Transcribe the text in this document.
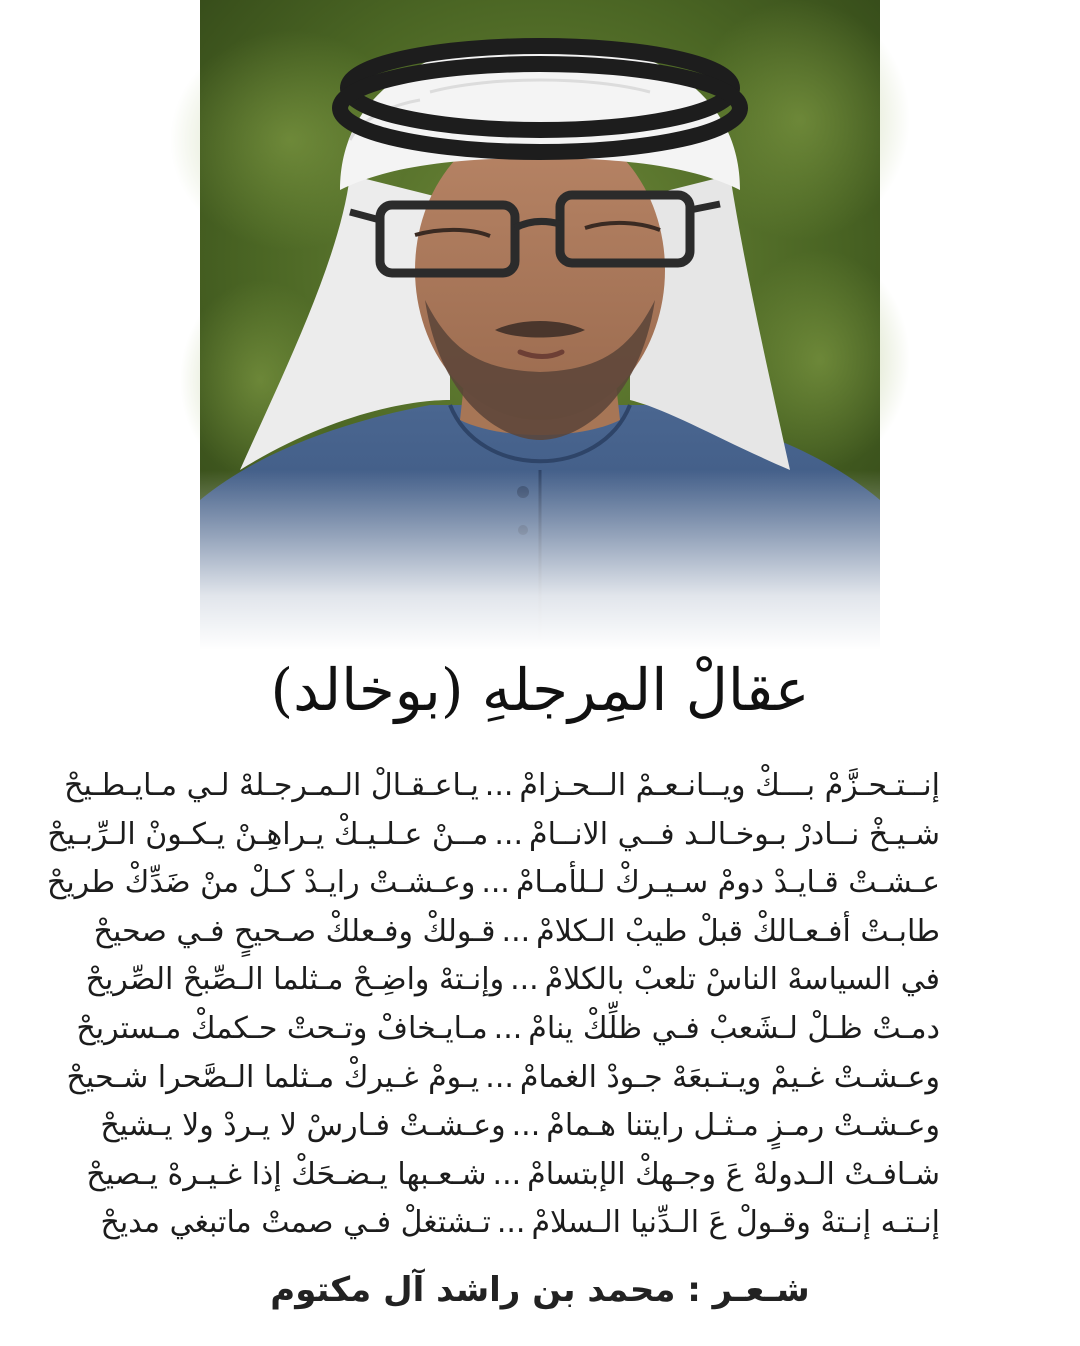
عقالْ المِرجلهِ (بوخالد)
إنــتـحـزَّمْ بـــكْ ويــانـعـمْ الــحـزامْ...يـاعـقـالْ الـمـرجـلهْ لـي مـايـطـيحْ
شـيـخْ نــادرْ بـوخـالـد فــي الانــامْ...مــنْ عـلـيـكْ يـراهِـنْ يـكـونْ الـرِّبـيحْ
عـشـتْ قـايـدْ دومْ سـيـركْ لـلأمـامْ...وعـشـتْ رايـدْ كـلْ منْ ضَدِّكْ طريحْ
طابـتْ أفـعـالكْ قبلْ طيبْ الـكلامْ...قـولكْ وفـعلكْ صـحيحٍ فـي صحيحْ
في السياسهْ الناسْ تلعبْ بالكلامْ...وإنـتهْ واضِـحْ مـثلما الـصِّبحْ الصِّريحْ
دمـتْ ظـلْ لـشَعبْ فـي ظلِّكْ ينامْ...مـايـخافْ وتـحتْ حـكمكْ مـستريحْ
وعـشـتْ غـيمْ ويـتـبعَهْ جـودْ الغمامْ...يـومْ غـيركْ مـثلما الـصَّحرا شـحيحْ
وعـشـتْ رمـزٍ مـثـل رايتنا هـمامْ...وعـشـتْ فـارسْ لا يـردْ ولا يـشيحْ
شـافـتْ الـدولهْ عَ وجـهكْ الإبتسامْ...شـعـبها يـضـحَكْ إذا غـيـرهْ يـصيحْ
إنـتـه إنـتهْ وقـولْ عَ الـدِّنيا الـسلامْ...تـشتغلْ فـي صمتْ ماتبغي مديحْ
شـعـر : محمد بن راشد آل مكتوم
